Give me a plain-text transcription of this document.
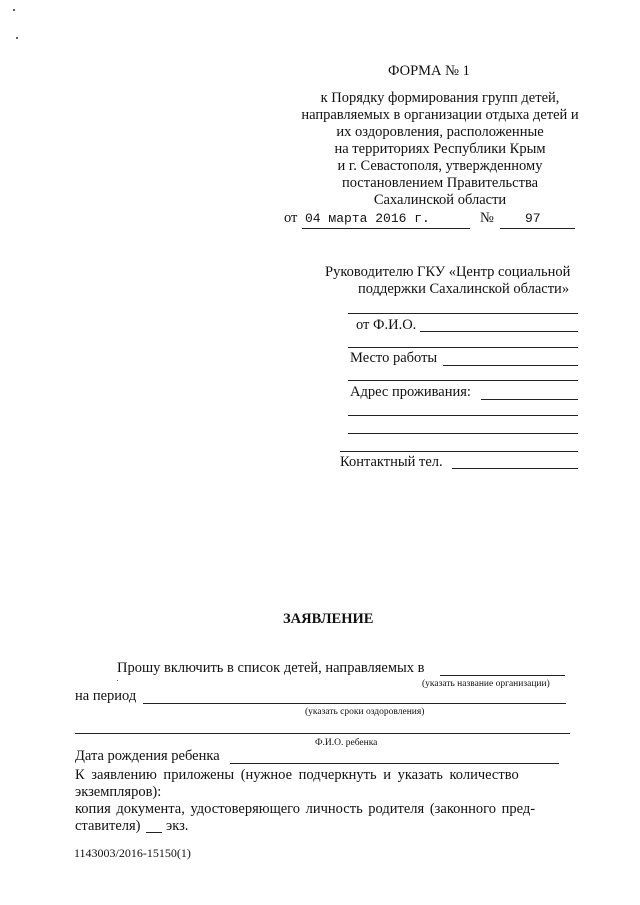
ФОРМА № 1
к Порядку формирования групп детей,
направляемых в организации отдыха детей и
их оздоровления, расположенные
на территориях Республики Крым
и г. Севастополя, утвержденному
постановлением Правительства
Сахалинской области
от 04 марта 2016 г.	№ 97
Руководителю ГКУ «Центр социальной
поддержки Сахалинской области»
от Ф.И.О.
Место работы
Адрес проживания:
Контактный тел.
ЗАЯВЛЕНИЕ
Прошу включить в список детей, направляемых в
(указать название организации)
на период
(указать сроки оздоровления)
Ф.И.О. ребенка
Дата рождения ребенка
К заявлению приложены (нужное подчеркнуть и указать количество
экземпляров):
копия документа, удостоверяющего личность родителя (законного пред-
ставителя) экз.
1143003/2016-15150(1)
